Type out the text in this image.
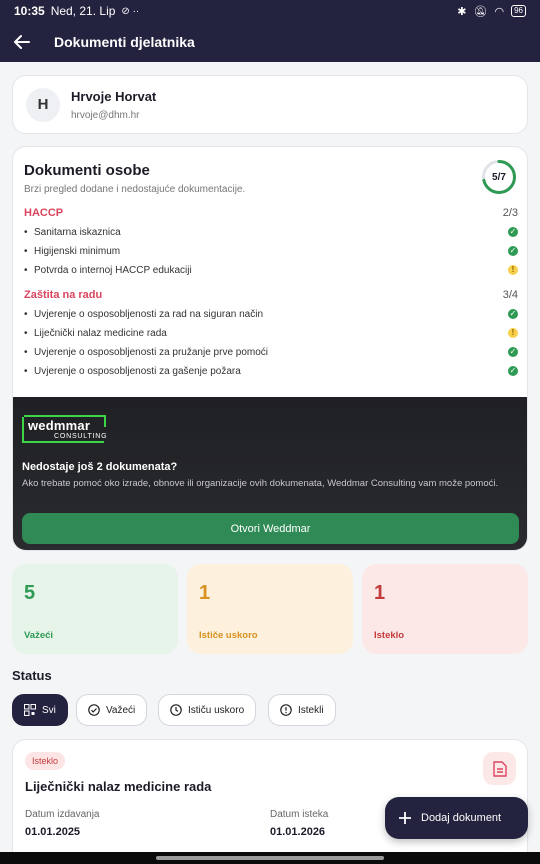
10:35 Ned, 21. Lip ⊘ ··	✱ 🔕︎ ◠	96
Dokumenti djelatnika
H	Hrvoje Horvat
hrvoje@dhm.hr
Dokumenti osobe
Brzi pregled dodane i nedostajuće dokumentacije.
5/7
HACCP	2/3
• Sanitarna iskaznica	✓
• Higijenski minimum	✓
• Potvrda o internoj HACCP edukaciji	!
Zaštita na radu	3/4
• Uvjerenje o osposobljenosti za rad na siguran način	✓
• Liječnički nalaz medicine rada	!
• Uvjerenje o osposobljenosti za pružanje prve pomoći	✓
• Uvjerenje o osposobljenosti za gašenje požara	✓
wedmmar
CONSULTING
Nedostaje još 2 dokumenata?
Ako trebate pomoć oko izrade, obnove ili organizacije ovih dokumenata, Weddmar Consulting vam može pomoći.
Otvori Weddmar
5
Važeći
1
Ističe uskoro
1
Isteklo
Status
Svi	Važeći	Ističu uskoro	Istekli
Isteklo
Liječnički nalaz medicine rada
Datum izdavanja
01.01.2025
Datum isteka
01.01.2026
Dodaj dokument
